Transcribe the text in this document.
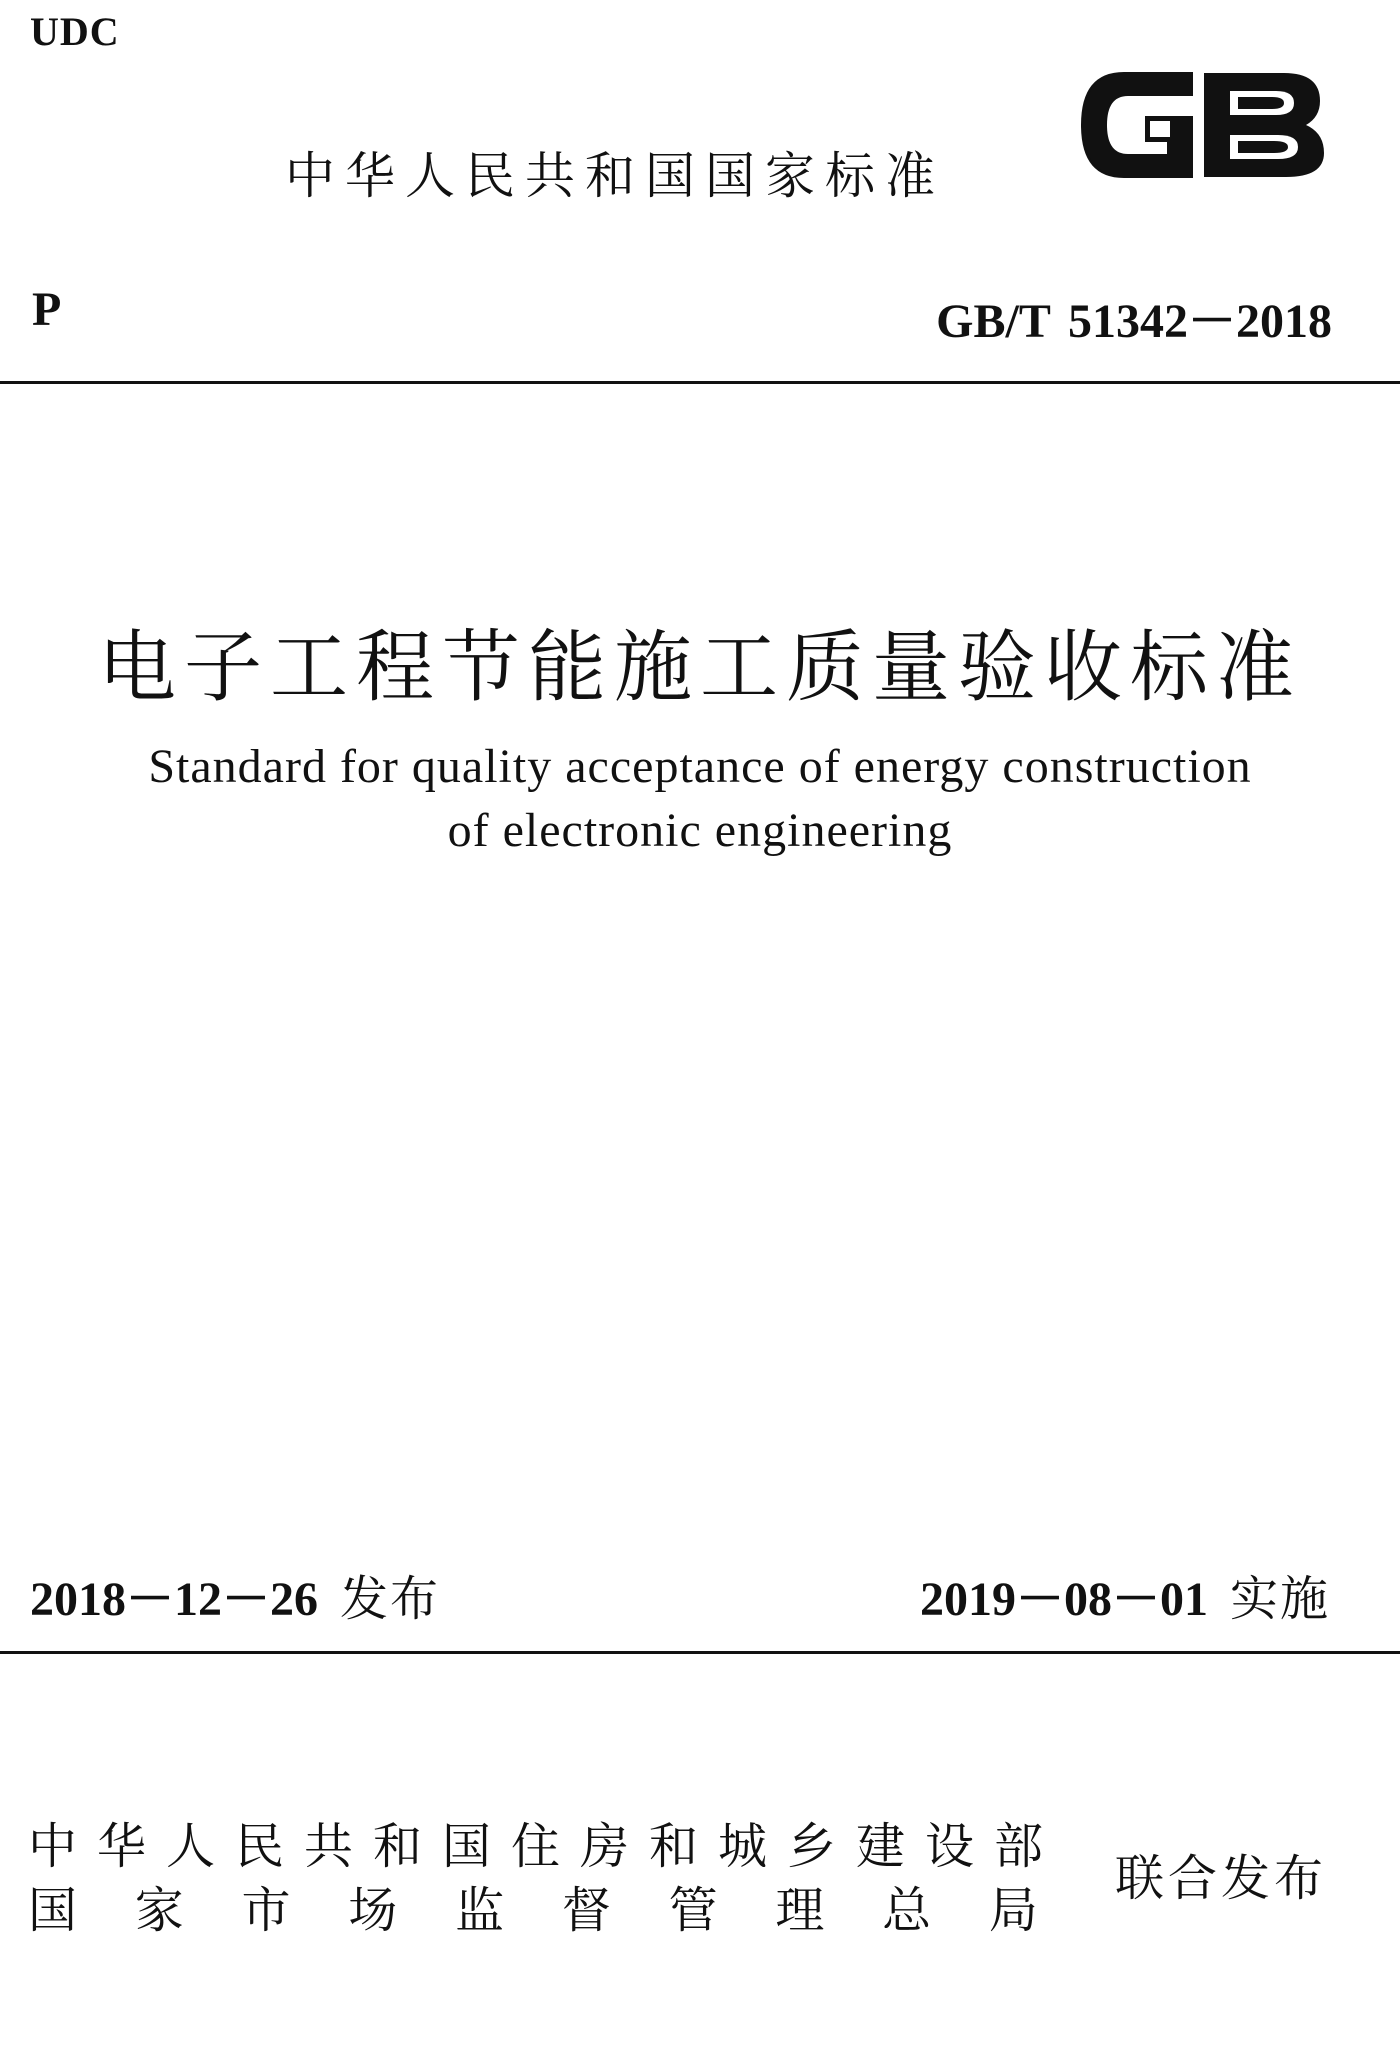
UDC
中华人民共和国国家标准
P	GB/T 51342－2018
电子工程节能施工质量验收标准
Standard for quality acceptance of energy construction
of electronic engineering
2018－12－26 发布	2019－08－01 实施
中华人民共和国住房和城乡建设部
国 家 市 场 监 督 管 理 总 局
联合发布
